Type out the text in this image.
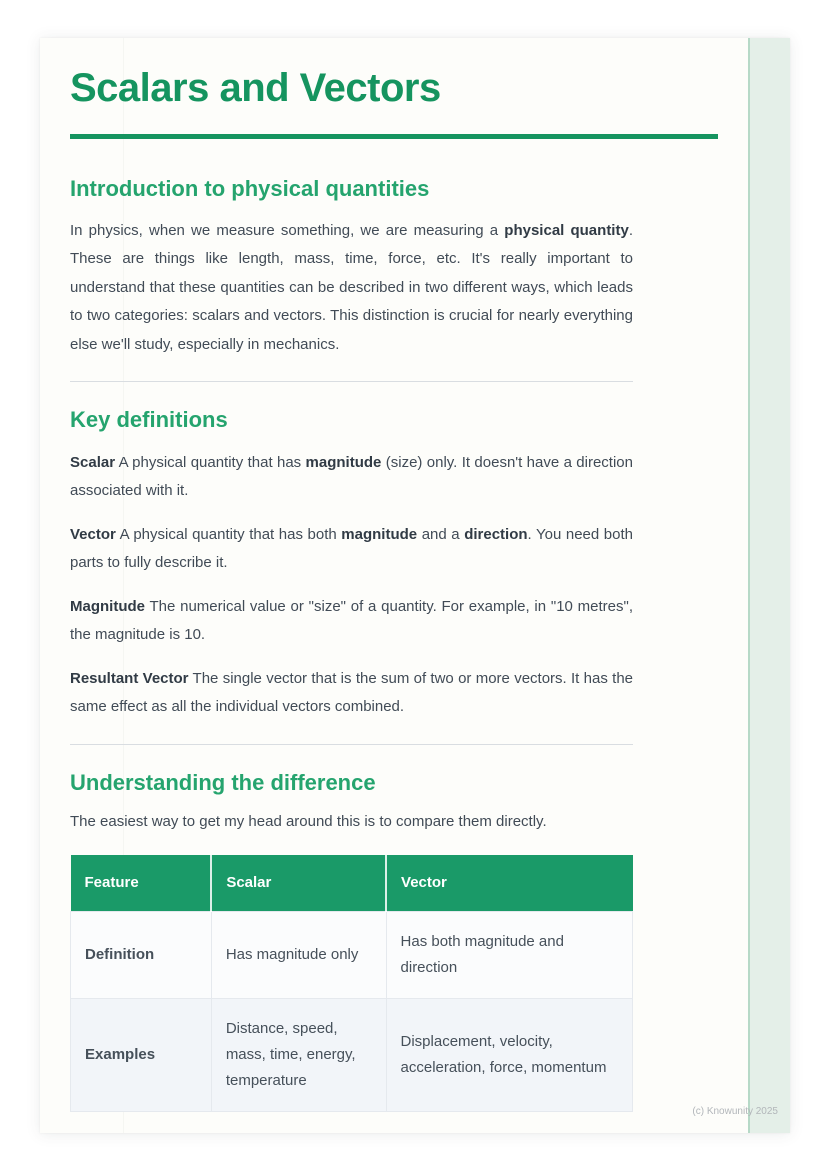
Scalars and Vectors
Introduction to physical quantities

In physics, when we measure something, we are measuring a physical quantity. These are things like length, mass, time, force, etc. It's really important to understand that these quantities can be described in two different ways, which leads to two categories: scalars and vectors. This distinction is crucial for nearly everything else we'll study, especially in mechanics.

Key definitions

Scalar A physical quantity that has magnitude (size) only. It doesn't have a direction associated with it.

Vector A physical quantity that has both magnitude and a direction. You need both parts to fully describe it.

Magnitude The numerical value or "size" of a quantity. For example, in "10 metres", the magnitude is 10.

Resultant Vector The single vector that is the sum of two or more vectors. It has the same effect as all the individual vectors combined.

Understanding the difference

The easiest way to get my head around this is to compare them directly.

Feature	Scalar	Vector
Definition	Has magnitude only	Has both magnitude and direction
Examples	Distance, speed, mass, time, energy, temperature	Displacement, velocity, acceleration, force, momentum
(c) Knowunity 2025
